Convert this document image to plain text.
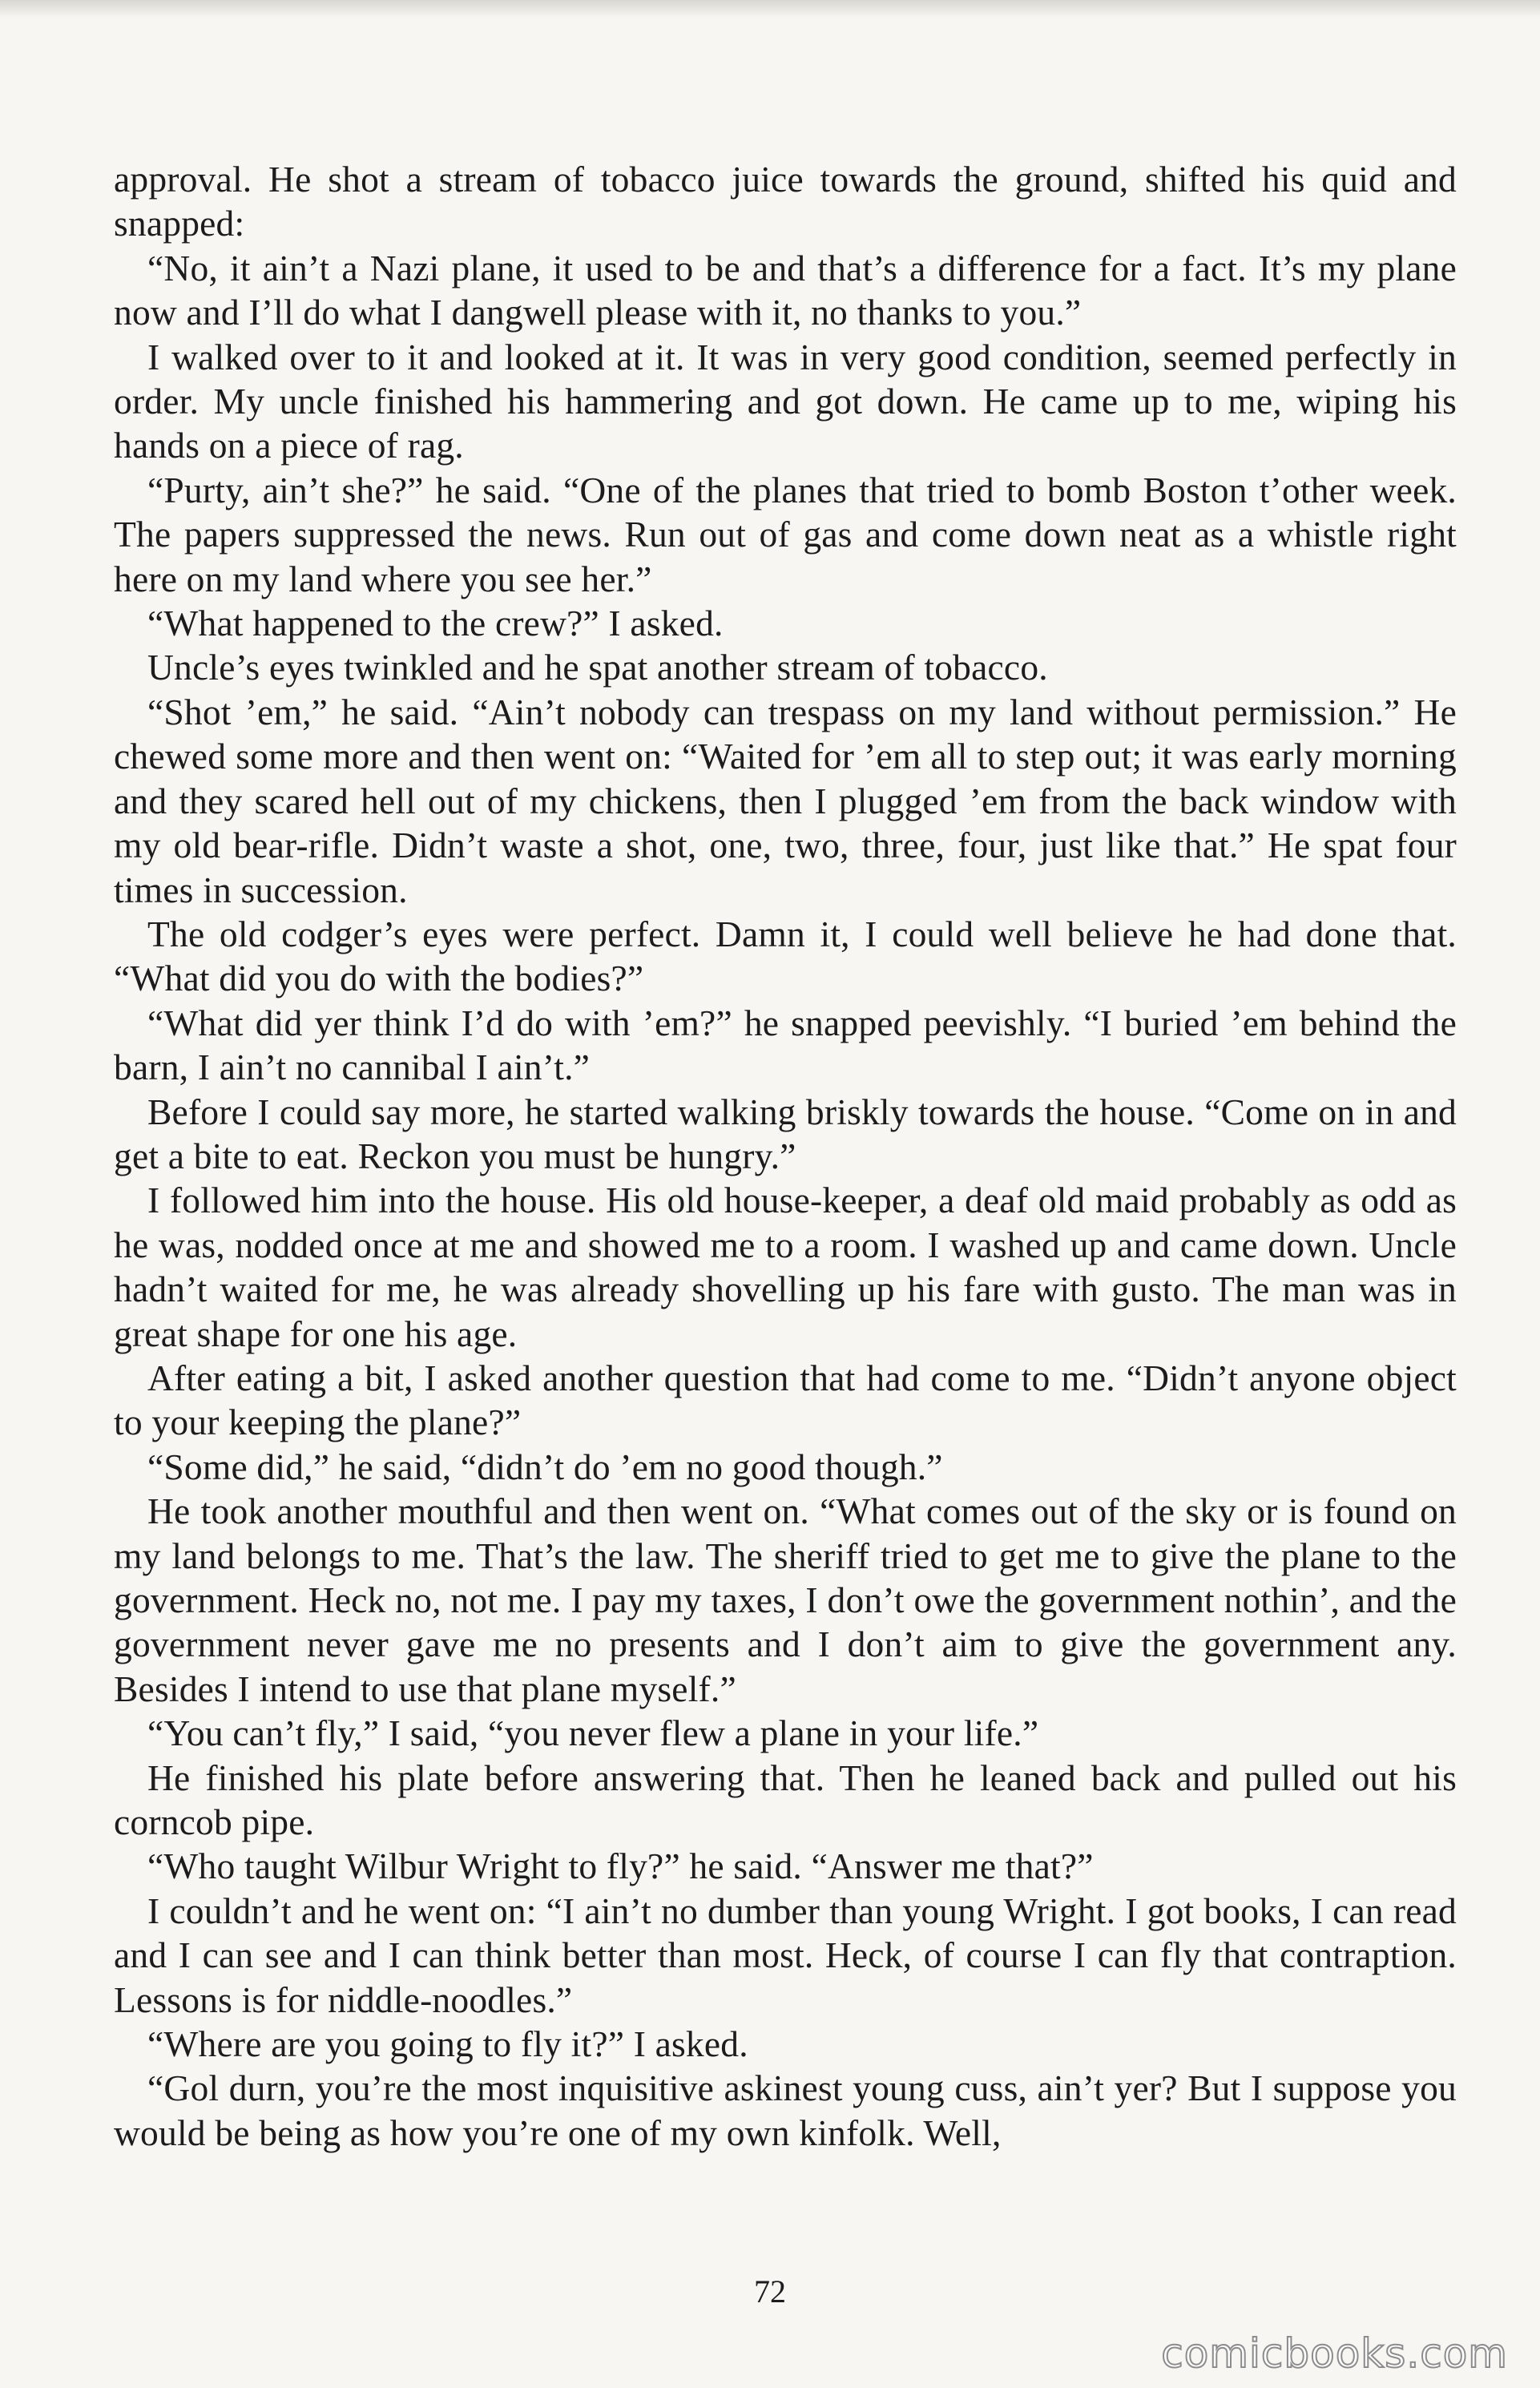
approval. He shot a stream of tobacco juice towards the ground, shifted his quid and snapped:

“No, it ain’t a Nazi plane, it used to be and that’s a difference for a fact. It’s my plane now and I’ll do what I dangwell please with it, no thanks to you.”

I walked over to it and looked at it. It was in very good condition, seemed perfectly in order. My uncle finished his hammering and got down. He came up to me, wiping his hands on a piece of rag.

“Purty, ain’t she?” he said. “One of the planes that tried to bomb Boston t’other week. The papers suppressed the news. Run out of gas and come down neat as a whistle right here on my land where you see her.”

“What happened to the crew?” I asked.

Uncle’s eyes twinkled and he spat another stream of tobacco.

“Shot ’em,” he said. “Ain’t nobody can trespass on my land without permission.” He chewed some more and then went on: “Waited for ’em all to step out; it was early morning and they scared hell out of my chickens, then I plugged ’em from the back window with my old bear-rifle. Didn’t waste a shot, one, two, three, four, just like that.” He spat four times in succession.

The old codger’s eyes were perfect. Damn it, I could well believe he had done that. “What did you do with the bodies?”

“What did yer think I’d do with ’em?” he snapped peevishly. “I buried ’em behind the barn, I ain’t no cannibal I ain’t.”

Before I could say more, he started walking briskly towards the house. “Come on in and get a bite to eat. Reckon you must be hungry.”

I followed him into the house. His old house-keeper, a deaf old maid probably as odd as he was, nodded once at me and showed me to a room. I washed up and came down. Uncle hadn’t waited for me, he was already shovelling up his fare with gusto. The man was in great shape for one his age.

After eating a bit, I asked another question that had come to me. “Didn’t anyone object to your keeping the plane?”

“Some did,” he said, “didn’t do ’em no good though.”

He took another mouthful and then went on. “What comes out of the sky or is found on my land belongs to me. That’s the law. The sheriff tried to get me to give the plane to the government. Heck no, not me. I pay my taxes, I don’t owe the government nothin’, and the government never gave me no presents and I don’t aim to give the government any. Besides I intend to use that plane myself.”

“You can’t fly,” I said, “you never flew a plane in your life.”

He finished his plate before answering that. Then he leaned back and pulled out his corncob pipe.

“Who taught Wilbur Wright to fly?” he said. “Answer me that?”

I couldn’t and he went on: “I ain’t no dumber than young Wright. I got books, I can read and I can see and I can think better than most. Heck, of course I can fly that contraption. Lessons is for niddle-noodles.”

“Where are you going to fly it?” I asked.

“Gol durn, you’re the most inquisitive askinest young cuss, ain’t yer? But I suppose you would be being as how you’re one of my own kinfolk. Well,

72
comicbooks.com
